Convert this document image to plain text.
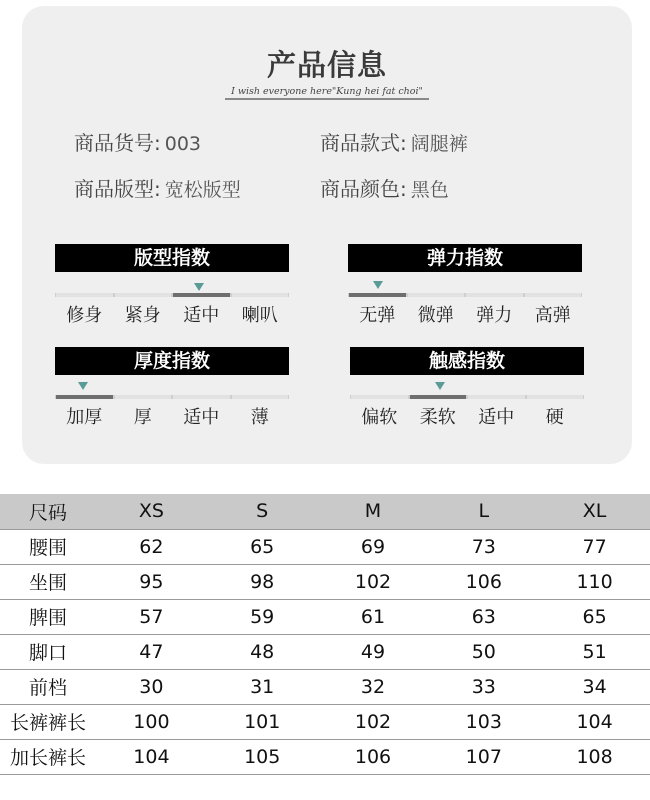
产品信息
I wish everyone here"Kung hei fat choi"
商品货号: 003	商品款式: 阔腿裤
商品版型: 宽松版型	商品颜色: 黑色
版型指数
修身	紧身	适中	喇叭
弹力指数
无弹	微弹	弹力	高弹
厚度指数
加厚	厚	适中	薄
触感指数
偏软	柔软	适中	硬
尺码	XS	S	M	L	XL
腰围	62	65	69	73	77
坐围	95	98	102	106	110
脾围	57	59	61	63	65
脚口	47	48	49	50	51
前档	30	31	32	33	34
长裤裤长	100	101	102	103	104
加长裤长	104	105	106	107	108
